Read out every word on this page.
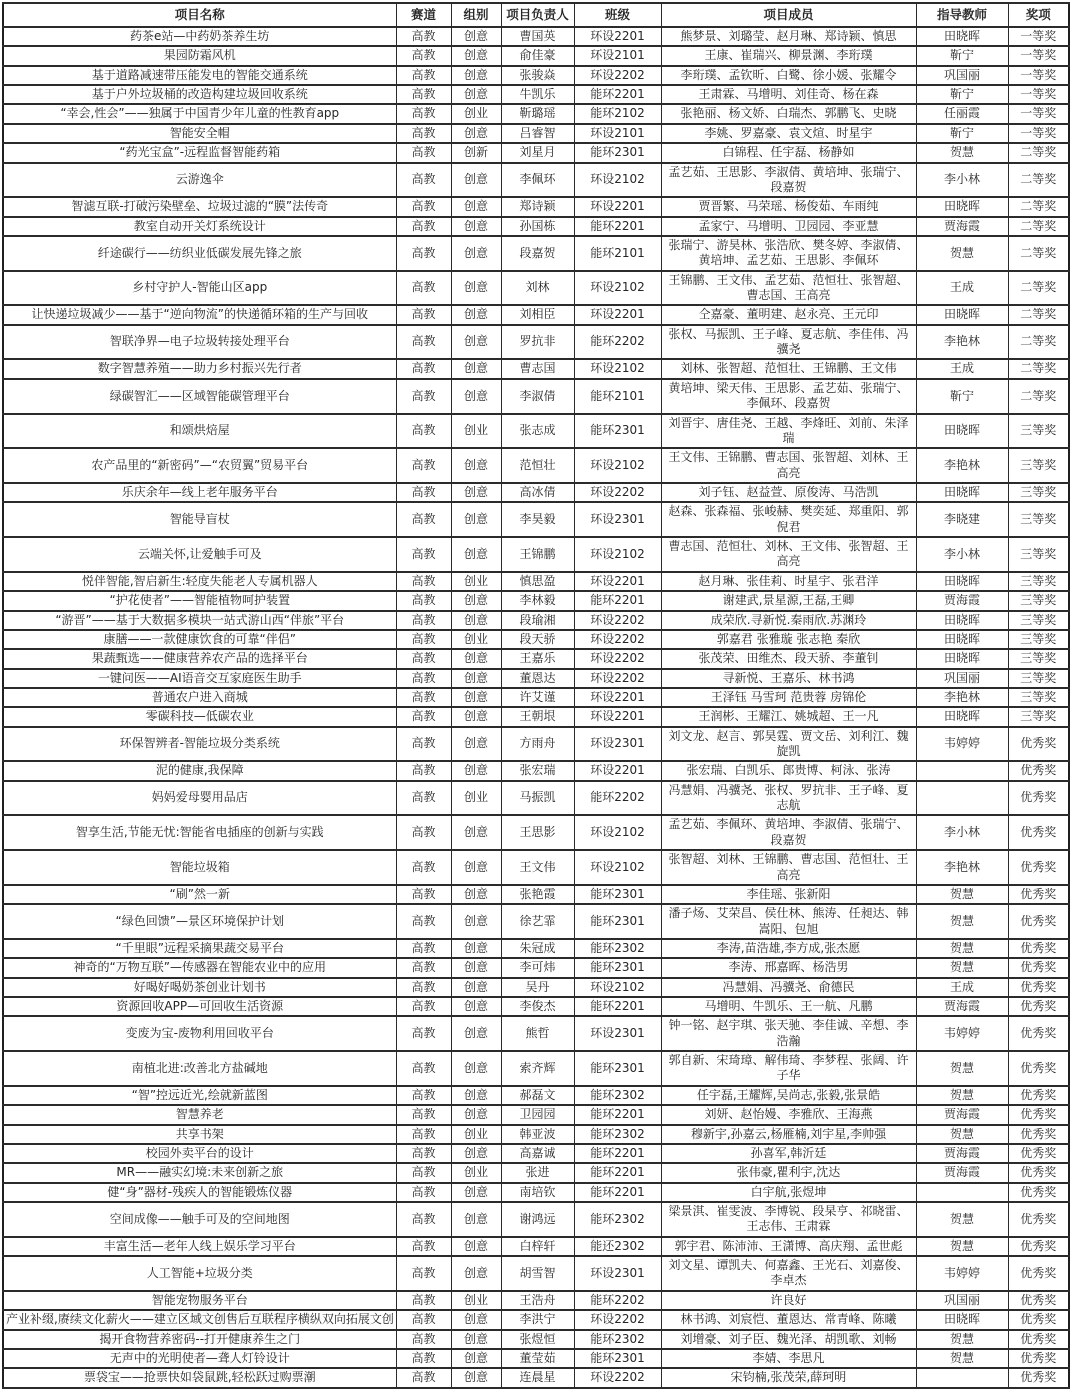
项目名称	赛道	组别	项目负责人	班级	项目成员	指导教师	奖项
药茶e站—中药奶茶养生坊	高教	创意	曹国英	环设2201	熊梦景、刘璐莹、赵月琳、郑诗颖、慎思	田晓晖	一等奖
果园防霜风机	高教	创意	俞佳豪	环设2101	王康、崔瑞兴、柳景渊、李珩璞	靳宁	一等奖
基于道路减速带压能发电的智能交通系统	高教	创意	张骏焱	环设2202	李珩璞、孟钦昕、白鹭、徐小媛、张耀令	巩国丽	一等奖
基于户外垃圾桶的改造构建垃圾回收系统	高教	创意	牛凯乐	能环2201	王肃霖、马增明、刘佳奇、杨在森	靳宁	一等奖
“幸会,性会”——独属于中国青少年儿童的性教育app	高教	创业	靳璐瑶	能环2102	张艳丽、杨文娇、白瑞杰、郭鹏飞、史晓	任丽霞	一等奖
智能安全帽	高教	创意	吕睿智	环设2101	李姚、罗嘉豪、袁文煊、时星宇	靳宁	一等奖
“药光宝盒”-远程监督智能药箱	高教	创新	刘星月	能环2301	白锦程、任宇磊、杨静如	贺慧	二等奖
云游逸伞	高教	创意	李佩环	环设2102	孟艺茹、王思影、李淑倩、黄培坤、张瑞宁、段嘉贺	李小林	二等奖
智滤互联-打破污染壁垒、垃圾过滤的“膜”法传奇	高教	创意	郑诗颖	环设2201	贾晋繁、马荣瑶、杨俊茹、车雨纯	田晓晖	二等奖
教室自动开关灯系统设计	高教	创意	孙国栋	能环2201	孟家宁、马增明、卫园园、李亚慧	贾海霞	二等奖
纤途碳行——纺织业低碳发展先锋之旅	高教	创意	段嘉贺	能环2101	张瑞宁、游昊林、张浩欣、樊冬婷、李淑倩、黄培坤、孟艺茹、王思影、李佩环	贺慧	二等奖
乡村守护人-智能山区app	高教	创意	刘林	环设2102	王锦鹏、王文伟、孟艺茹、范恒壮、张智超、曹志国、王高亮	王成	二等奖
让快递垃圾减少——基于“逆向物流”的快递循环箱的生产与回收	高教	创意	刘相臣	环设2201	仝嘉豪、董明建、赵永亮、王元印	田晓晖	二等奖
智联净界—电子垃圾转接处理平台	高教	创意	罗抗非	能环2202	张权、马振凯、王子峰、夏志航、李佳伟、冯骥尧	李艳林	二等奖
数字智慧养殖——助力乡村振兴先行者	高教	创意	曹志国	环设2102	刘林、张智超、范恒壮、王锦鹏、王文伟	王成	二等奖
绿碳智汇——区域智能碳管理平台	高教	创意	李淑倩	能环2101	黄培坤、梁天伟、王思影、孟艺茹、张瑞宁、李佩环、段嘉贺	靳宁	二等奖
和颂烘焙屋	高教	创业	张志成	能环2301	刘晋宇、唐佳尧、王越、李烽旺、刘前、朱泽瑞	田晓晖	三等奖
农产品里的“新密码”—“农贸翼”贸易平台	高教	创意	范恒壮	环设2102	王文伟、王锦鹏、曹志国、张智超、刘林、王高亮	李艳林	三等奖
乐庆余年—线上老年服务平台	高教	创意	高冰倩	环设2202	刘子钰、赵益萱、原俊涛、马浩凯	田晓晖	三等奖
智能导盲杖	高教	创意	李昊毅	环设2301	赵森、张森福、张峻赫、樊奕延、郑重阳、郭倪君	李晓建	三等奖
云端关怀,让爱触手可及	高教	创意	王锦鹏	环设2102	曹志国、范恒壮、刘林、王文伟、张智超、王高亮	李小林	三等奖
悦伴智能,智启新生:轻度失能老人专属机器人	高教	创业	慎思盈	环设2201	赵月琳、张佳莉、时星宇、张君洋	田晓晖	三等奖
“护花使者”——智能植物呵护装置	高教	创意	李林毅	能环2201	谢建武,景星源,王磊,王卿	贾海霞	三等奖
“游晋”——基于大数据多模块一站式游山西“伴旅”平台	高教	创意	段瑜湘	环设2202	成荣欣.寻新悦.秦雨欣.苏渊玲	田晓晖	三等奖
康膳——一款健康饮食的可靠“伴侣”	高教	创业	段天骄	环设2202	郭嘉君 张雅璇 张志艳 秦欣	田晓晖	三等奖
果蔬甄选——健康营养农产品的选择平台	高教	创意	王嘉乐	环设2202	张茂荣、田维杰、段天骄、李董钊	田晓晖	三等奖
一键问医——AI语音交互家庭医生助手	高教	创意	董恩达	环设2202	寻新悦、王嘉乐、林书鸿	巩国丽	三等奖
普通农户进入商城	高教	创意	许艾谨	环设2201	王泽钰 马雪珂 范贵蓉 房锦伦	李艳林	三等奖
零碳科技—低碳农业	高教	创意	王朝垠	环设2201	王润彬、王耀江、姚城超、王一凡	田晓晖	三等奖
环保智辨者-智能垃圾分类系统	高教	创意	方雨舟	环设2301	刘文龙、赵言、郭昊霆、贾文岳、刘利江、魏旋凯	韦婷婷	优秀奖
泥的健康,我保障	高教	创意	张宏瑞	环设2201	张宏瑞、白凯乐、郎贵博、柯泳、张涛		优秀奖
妈妈爱母婴用品店	高教	创业	马振凯	能环2202	冯慧娟、冯骥尧、张权、罗抗非、王子峰、夏志航		优秀奖
智享生活,节能无忧:智能省电插座的创新与实践	高教	创意	王思影	环设2102	孟艺茹、李佩环、黄培坤、李淑倩、张瑞宁、段嘉贺	李小林	优秀奖
智能垃圾箱	高教	创意	王文伟	环设2102	张智超、刘林、王锦鹏、曹志国、范恒壮、王高亮	李艳林	优秀奖
“刷”然一新	高教	创意	张艳霞	能环2301	李佳瑶、张新阳	贺慧	优秀奖
“绿色回馈”—景区环境保护计划	高教	创意	徐艺霏	能环2301	潘子炀、艾荣昌、侯仕林、熊涛、任昶达、韩嵩阳、包旭	贺慧	优秀奖
“千里眼”远程采摘果蔬交易平台	高教	创意	朱冠成	能环2302	李涛,苗浩雄,李方成,张杰愿	贺慧	优秀奖
神奇的“万物互联”—传感器在智能农业中的应用	高教	创意	李可炜	能环2301	李涛、邢嘉晖、杨浩男	贺慧	优秀奖
好喝好喝奶茶创业计划书	高教	创意	吴丹	环设2102	冯慧娟、冯骥尧、俞德民	王成	优秀奖
资源回收APP—可回收生活资源	高教	创意	李俊杰	能环2201	马增明、牛凯乐、王一航、凡鹏	贾海霞	优秀奖
变废为宝-废物利用回收平台	高教	创意	熊哲	环设2301	钟一铭、赵宇琪、张天驰、李佳诚、辛想、李浩瀚	韦婷婷	优秀奖
南植北进:改善北方盐碱地	高教	创意	索齐辉	能环2301	郭自新、宋琦璋、解伟琦、李梦程、张阔、许子华	贺慧	优秀奖
“智”控远近光,绘就新蓝图	高教	创意	郝磊文	能环2302	任宇磊,王耀辉,吴尚志,张毅,张景皓	贺慧	优秀奖
智慧养老	高教	创意	卫园园	能环2201	刘妍、赵怡嫚、李雅欣、王海燕	贾海霞	优秀奖
共享书架	高教	创业	韩亚波	能环2302	穆新宇,孙嘉云,杨雁楠,刘宇星,李帅强	贺慧	优秀奖
校园外卖平台的设计	高教	创意	高嘉诚	能环2201	孙喜军,韩沂廷	贾海霞	优秀奖
MR——融实幻境:未来创新之旅	高教	创业	张进	能环2201	张伟豪,瞿利宇,沈达	贾海霞	优秀奖
健“身”器材-残疾人的智能锻炼仪器	高教	创意	南培钦	能环2201	白宇航,张煜坤		优秀奖
空间成像——触手可及的空间地图	高教	创意	谢鸿远	能环2302	梁景淇、崔雯波、李博锐、段杲亨、祁晓雷、王志伟、王肃霖	贺慧	优秀奖
丰富生活—老年人线上娱乐学习平台	高教	创意	白梓轩	能还2302	郭宇君、陈沛沛、王潇博、高庆翔、孟世彪	贺慧	优秀奖
人工智能+垃圾分类	高教	创意	胡雪智	环设2301	刘文星、谭凯夫、何嘉鑫、王光石、刘嘉俊、李卓杰	韦婷婷	优秀奖
智能宠物服务平台	高教	创业	王浩舟	能环2202	许良好	巩国丽	优秀奖
产业补缀,赓续文化薪火——建立区域文创售后互联程序横纵双向拓展文创	高教	创意	李洪宁	环设2202	林书鸿、刘宸恺、董恩达、常青峰、陈曦	田晓晖	优秀奖
揭开食物营养密码--打开健康养生之门	高教	创意	张煜恒	能环2302	刘增豪、刘子臣、魏光泽、胡凯歌、刘畅	贺慧	优秀奖
无声中的光明使者—聋人灯铃设计	高教	创意	董莹茹	能环2301	李婧、李思凡	贺慧	优秀奖
票袋宝——抢票快如袋鼠跳,轻松跃过购票潮	高教	创意	连晨星	环设2202	宋钧楠,张茂荣,薛珂明		优秀奖
